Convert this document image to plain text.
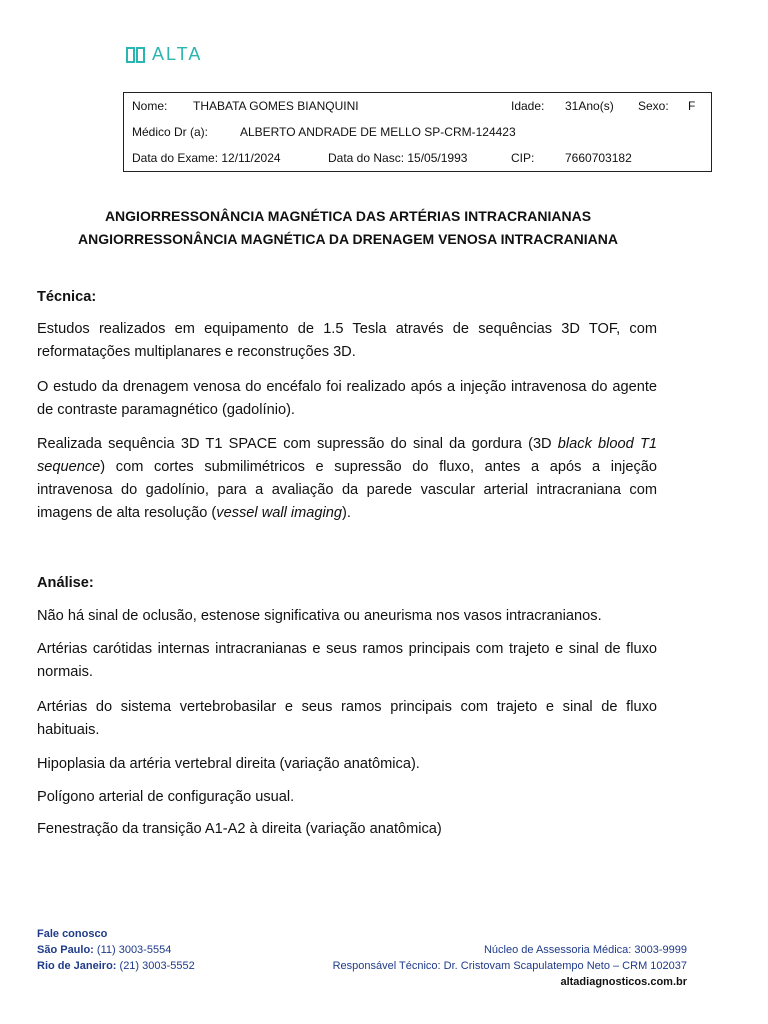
ALTA
Nome: THABATA GOMES BIANQUINI	Idade: 31Ano(s) Sexo: F
Médico Dr (a):	ALBERTO ANDRADE DE MELLO SP-CRM-124423
Data do Exame: 12/11/2024	Data do Nasc: 15/05/1993	CIP:	7660703182
ANGIORRESSONÂNCIA MAGNÉTICA DAS ARTÉRIAS INTRACRANIANAS
ANGIORRESSONÂNCIA MAGNÉTICA DA DRENAGEM VENOSA INTRACRANIANA
Técnica:
Estudos realizados em equipamento de 1.5 Tesla através de sequências 3D TOF, com reformatações multiplanares e reconstruções 3D.
O estudo da drenagem venosa do encéfalo foi realizado após a injeção intravenosa do agente de contraste paramagnético (gadolínio).
Realizada sequência 3D T1 SPACE com supressão do sinal da gordura (3D black blood T1 sequence) com cortes submilimétricos e supressão do fluxo, antes a após a injeção intravenosa do gadolínio, para a avaliação da parede vascular arterial intracraniana com imagens de alta resolução (vessel wall imaging).
Análise:
Não há sinal de oclusão, estenose significativa ou aneurisma nos vasos intracranianos.
Artérias carótidas internas intracranianas e seus ramos principais com trajeto e sinal de fluxo normais.
Artérias do sistema vertebrobasilar e seus ramos principais com trajeto e sinal de fluxo habituais.
Hipoplasia da artéria vertebral direita (variação anatômica).
Polígono arterial de configuração usual.
Fenestração da transição A1-A2 à direita (variação anatômica)
Fale conosco
São Paulo: (11) 3003-5554
Rio de Janeiro: (21) 3003-5552
Núcleo de Assessoria Médica: 3003-9999
Responsável Técnico: Dr. Cristovam Scapulatempo Neto – CRM 102037
altadiagnosticos.com.br
